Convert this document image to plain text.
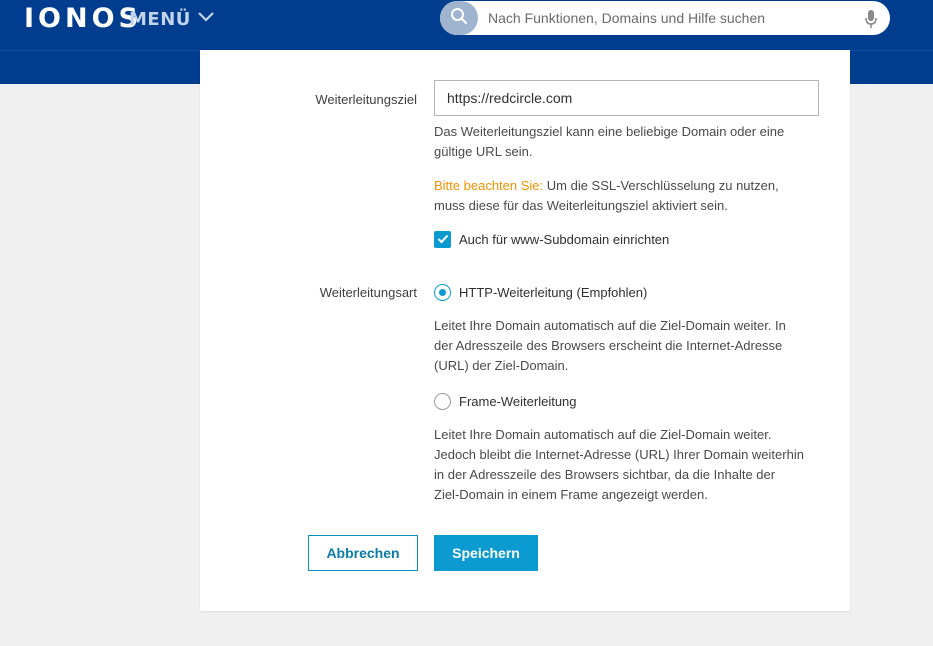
IONOS
MENÜ
Nach Funktionen, Domains und Hilfe suchen
Weiterleitungsziel
https://redcircle.com
Das Weiterleitungsziel kann eine beliebige Domain oder eine
gültige URL sein.
Bitte beachten Sie: Um die SSL-Verschlüsselung zu nutzen,
muss diese für das Weiterleitungsziel aktiviert sein.
Auch für www-Subdomain einrichten
Weiterleitungsart	HTTP-Weiterleitung (Empfohlen)
Leitet Ihre Domain automatisch auf die Ziel-Domain weiter. In
der Adresszeile des Browsers erscheint die Internet-Adresse
(URL) der Ziel-Domain.
Frame-Weiterleitung
Leitet Ihre Domain automatisch auf die Ziel-Domain weiter.
Jedoch bleibt die Internet-Adresse (URL) Ihrer Domain weiterhin
in der Adresszeile des Browsers sichtbar, da die Inhalte der
Ziel-Domain in einem Frame angezeigt werden.
Abbrechen	Speichern
